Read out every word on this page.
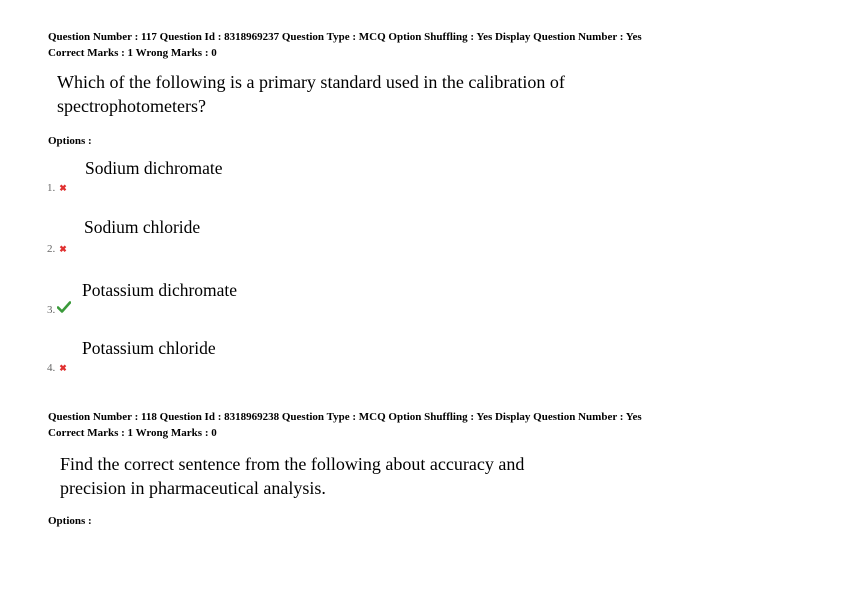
Question Number : 117 Question Id : 8318969237 Question Type : MCQ Option Shuffling : Yes Display Question Number : Yes
Correct Marks : 1 Wrong Marks : 0
Which of the following is a primary standard used in the calibration of
spectrophotometers?
Options :
Sodium dichromate
1. ✖
Sodium chloride
2. ✖
Potassium dichromate
3.
Potassium chloride
4. ✖
Question Number : 118 Question Id : 8318969238 Question Type : MCQ Option Shuffling : Yes Display Question Number : Yes
Correct Marks : 1 Wrong Marks : 0
Find the correct sentence from the following about accuracy and
precision in pharmaceutical analysis.
Options :
